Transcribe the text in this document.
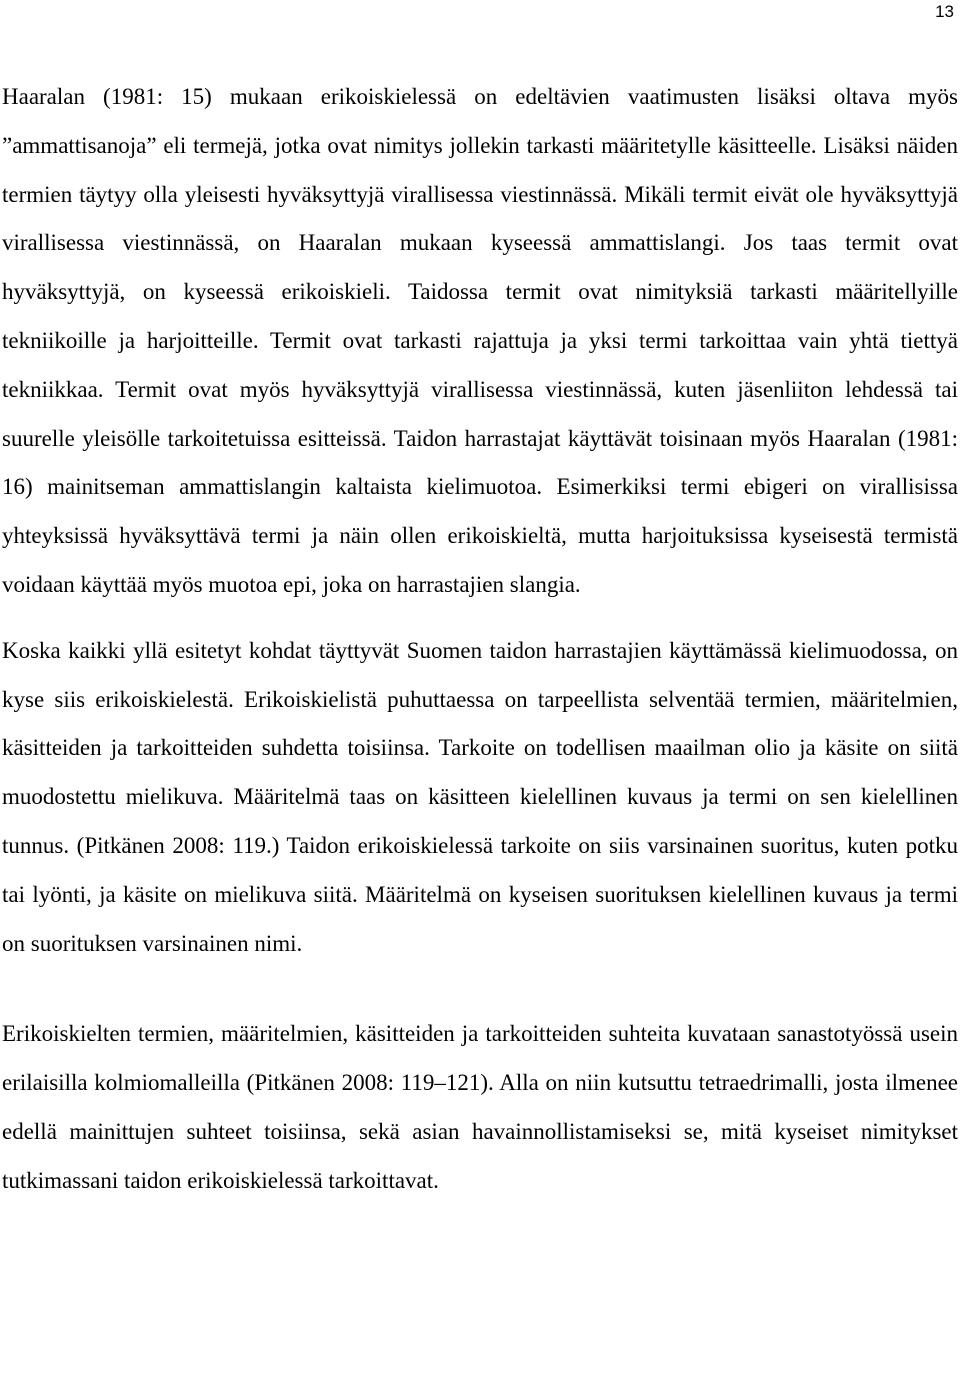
13

Haaralan (1981: 15) mukaan erikoiskielessä on edeltävien vaatimusten lisäksi oltava myös ”ammattisanoja” eli termejä, jotka ovat nimitys jollekin tarkasti määritetylle käsitteelle. Lisäksi näiden termien täytyy olla yleisesti hyväksyttyjä virallisessa viestinnässä. Mikäli termit eivät ole hyväksyttyjä virallisessa viestinnässä, on Haaralan mukaan kyseessä ammattislangi. Jos taas termit ovat hyväksyttyjä, on kyseessä erikoiskieli. Taidossa termit ovat nimityksiä tarkasti määritellyille tekniikoille ja harjoitteille. Termit ovat tarkasti rajattuja ja yksi termi tarkoittaa vain yhtä tiettyä tekniikkaa. Termit ovat myös hyväksyttyjä virallisessa viestinnässä, kuten jäsenliiton lehdessä tai suurelle yleisölle tarkoitetuissa esitteissä. Taidon harrastajat käyttävät toisinaan myös Haaralan (1981: 16) mainitseman ammattislangin kaltaista kielimuotoa. Esimerkiksi termi ebigeri on virallisissa yhteyksissä hyväksyttävä termi ja näin ollen erikoiskieltä, mutta harjoituksissa kyseisestä termistä voidaan käyttää myös muotoa epi, joka on harrastajien slangia.

Koska kaikki yllä esitetyt kohdat täyttyvät Suomen taidon harrastajien käyttämässä kielimuodossa, on kyse siis erikoiskielestä. Erikoiskielistä puhuttaessa on tarpeellista selventää termien, määritelmien, käsitteiden ja tarkoitteiden suhdetta toisiinsa. Tarkoite on todellisen maailman olio ja käsite on siitä muodostettu mielikuva. Määritelmä taas on käsitteen kielellinen kuvaus ja termi on sen kielellinen tunnus. (Pitkänen 2008: 119.) Taidon erikoiskielessä tarkoite on siis varsinainen suoritus, kuten potku tai lyönti, ja käsite on mielikuva siitä. Määritelmä on kyseisen suorituksen kielellinen kuvaus ja termi on suorituksen varsinainen nimi.

Erikoiskielten termien, määritelmien, käsitteiden ja tarkoitteiden suhteita kuvataan sanastotyössä usein erilaisilla kolmiomalleilla (Pitkänen 2008: 119–121). Alla on niin kutsuttu tetraedrimalli, josta ilmenee edellä mainittujen suhteet toisiinsa, sekä asian havainnollistamiseksi se, mitä kyseiset nimitykset tutkimassani taidon erikoiskielessä tarkoittavat.
